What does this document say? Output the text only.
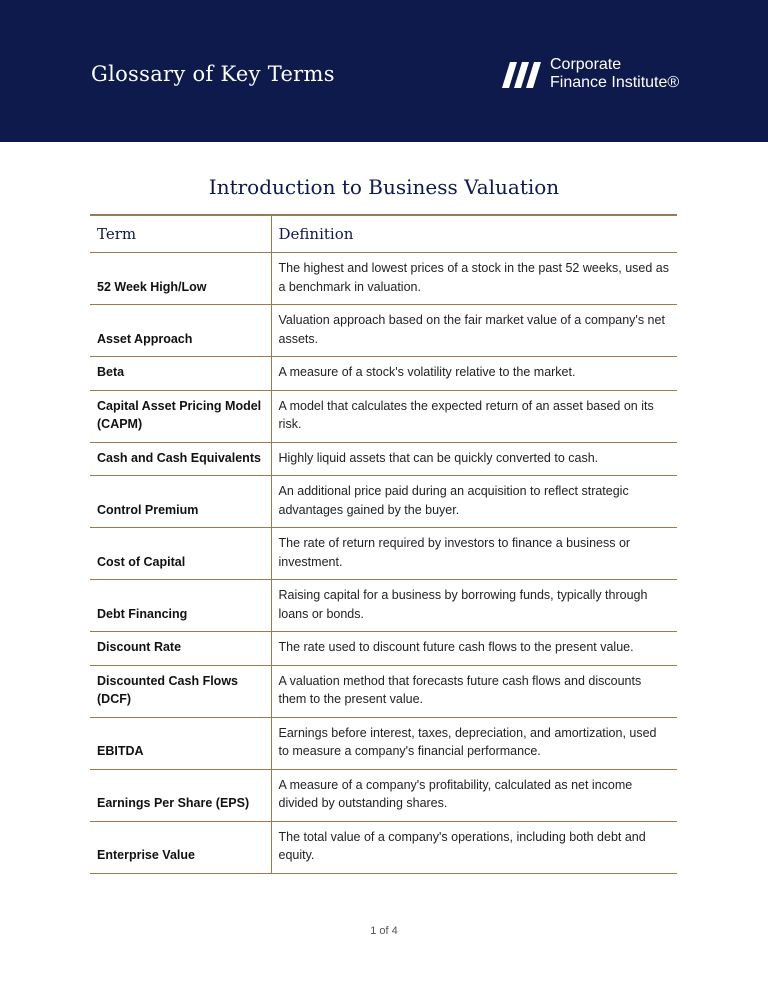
Glossary of Key Terms	Corporate
Finance Institute®
Introduction to Business Valuation
Term	Definition
52 Week High/Low	The highest and lowest prices of a stock in the past 52 weeks, used as a benchmark in valuation.
Asset Approach	Valuation approach based on the fair market value of a company's net assets.
Beta	A measure of a stock's volatility relative to the market.
Capital Asset Pricing Model (CAPM)	A model that calculates the expected return of an asset based on its risk.
Cash and Cash Equivalents	Highly liquid assets that can be quickly converted to cash.
Control Premium	An additional price paid during an acquisition to reflect strategic advantages gained by the buyer.
Cost of Capital	The rate of return required by investors to finance a business or investment.
Debt Financing	Raising capital for a business by borrowing funds, typically through loans or bonds.
Discount Rate	The rate used to discount future cash flows to the present value.
Discounted Cash Flows (DCF)	A valuation method that forecasts future cash flows and discounts them to the present value.
EBITDA	Earnings before interest, taxes, depreciation, and amortization, used to measure a company's financial performance.
Earnings Per Share (EPS)	A measure of a company's profitability, calculated as net income divided by outstanding shares.
Enterprise Value	The total value of a company's operations, including both debt and equity.
1 of 4
